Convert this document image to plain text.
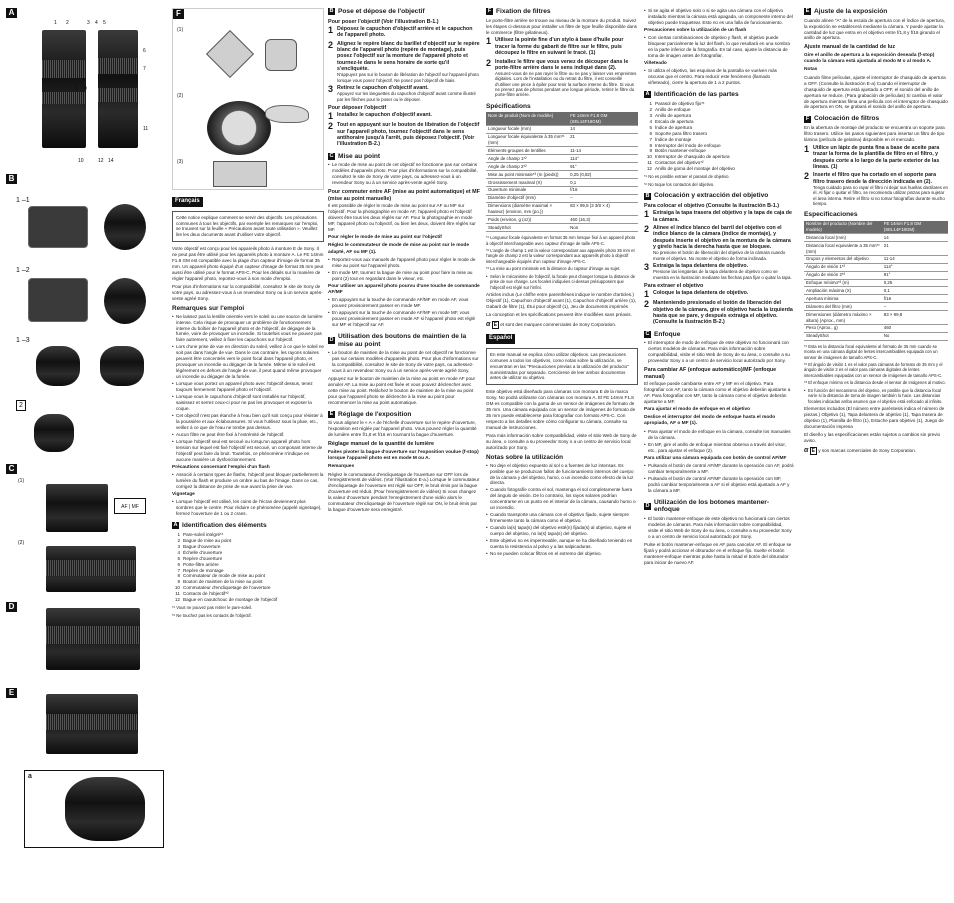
A
1 2	3 4 5
6
7
8 9
11
10	12 14
B
1 –1
1 –2
1 –3
2
C
(1)
AF | MF
(2)
D
E
a
F
(1)
(2)
(3)
Français
Cette notice explique comment se servir des objectifs. Les précautions communes à tous les objectifs, par exemple les remarques sur l'emploi, se trouvent sur la feuille « Précautions avant toute utilisation ». Veuillez lire les deux documents avant d'utiliser votre objectif.

Votre objectif est conçu pour les appareils photo à monture E de Sony. Il ne peut pas être utilisé pour les appareils photo à monture A. Le FE 14mm F1.8 GM est compatible avec la plage d'un capteur d'image de format 35 mm. Un appareil photo équipé d'un capteur d'image de format 35 mm peut aussi être utilisé pour le format APS-C. Pour les détails sur la manière de régler l'appareil photo, reportez-vous à son mode d'emploi.

Pour plus d'informations sur la compatibilité, consultez le site de Sony de votre pays, ou adressez-vous à un revendeur Sony ou à un service après-vente agréé Sony.

Remarques sur l'emploi
• Ne laissez pas la lentille orientée vers le soleil ou une source de lumière intense. Cela risque de provoquer un problème de fonctionnement interne du boîtier de l'appareil photo et de l'objectif, de dégager de la fumée, voire de provoquer un incendie. Si toutefois vous ne pouvez pas faire autrement, veillez à fixer les capuchons sur l'objectif.
• Lors d'une prise de vue en direction du soleil, veillez à ce que le soleil ne soit pas dans l'angle de vue. Dans le cas contraire, les rayons solaires peuvent être concentrés vers le point focal dans l'appareil photo, et provoquer un incendie ou dégager de la fumée. Même si le soleil est légèrement en dehors de l'angle de vue, il peut quand même provoquer un incendie ou dégager de la fumée.
• Lorsque vous portez un appareil photo avec l'objectif dessus, tenez toujours fermement l'appareil photo et l'objectif.
• Lorsque vous le capuchons d'objectif sont installés sur l'objectif, saisissez et serrez ceux-ci pour ne pas les provoquer et exposer la coque.
• Cet objectif n'est pas étanche à l'eau bien qu'il soit conçu pour résister à la poussière et aux éclaboussures. Si vous l'utilisez sous la pluie, etc., veillez à ce que de l'eau ne tombe pas dessus.
• Aucun filtre ne peut être fixé à l'extrémité de l'objectif.
• Lorsque l'objectif seul est secoué ou lorsqu'un appareil photo hors tension sur lequel est fixé l'objectif est secoué, un composant interne de l'objectif peut faire du bruit. Toutefois, ce phénomène n'indique en aucune manière un dysfonctionnement.
Précautions concernant l'emploi d'un flash
• Associé à certains types de flashs, l'objectif peut bloquer partiellement la lumière du flash et produire un ombre au bas de l'image. Dans ce cas, corrigez la distance de prise de vue avant la prise de vue.
Vignetage
• Lorsque l'objectif est utilisé, les coins de l'écran deviennent plus sombres que le centre. Pour réduire ce phénomène (appelé vignetage), fermez l'ouverture de 1 ou 2 crans.
A Identification des éléments
1 Pare-soleil intégré*¹
2 Bague de mise au point
3 Bague d'ouverture
4 Échelle d'ouverture
5 Repère d'ouverture
6 Porte-filtre arrière
7 Repère de montage
8 Commutateur de mode de mise au point
9 Bouton de maintien de la mise au point
10 Commutateur d'encliquetage de l'ouverture
11 Contacts de l'objectif*²
12 Bague en caoutchouc de montage de l'objectif

*¹ Vous ne pouvez pas retirer le pare-soleil.

*² Ne touchez pas les contacts de l'objectif.

B Pose et dépose de l'objectif
Pour poser l'objectif (Voir l'illustration B-1.)
1 Déposez le capuchon d'objectif arrière et le capuchon de l'appareil photo.
2 Alignez le repère blanc du barillet d'objectif sur le repère blanc de l'appareil photo (repère de montage), puis posez l'objectif sur la monture de l'appareil photo et tournez-le dans le sens horaire de sorte qu'il s'encliquète.
N'appuyez pas sur le bouton de libération de l'objectif sur l'appareil photo lorsque vous posez l'objectif. Ne posez pas l'objectif de biais.
3 Retirez le capuchon d'objectif avant.
Appuyez sur les languettes du capuchon d'objectif avant comme illustré par les flèches pour le poser ou le déposer.
Pour déposer l'objectif
1 Installez le capuchon d'objectif avant.
2 Tout en appuyant sur le bouton de libération de l'objectif sur l'appareil photo, tournez l'objectif dans le sens antihoraire jusqu'à l'arrêt, puis déposez l'objectif. (Voir l'illustration B-2.)
C Mise au point
• Le mode de mise au point de cet objectif ne fonctionne pas sur certains modèles d'appareils photo. Pour plus d'informations sur la compatibilité, consultez le site de Sony de votre pays, ou adressez-vous à un revendeur Sony ou à un service après-vente agréé Sony.
Pour commuter entre AF (mise au point automatique) et MF (mise au point manuelle)

Il est possible de régler le mode de mise au point sur AF ou MF sur l'objectif. Pour la photographie en mode AF, l'appareil photo et l'objectif doivent être tous les deux réglés sur AF. Pour la photographie en mode MF, l'appareil photo ou l'objectif, ou bien les deux, doivent être réglés sur MF.

Pour régler le mode de mise au point sur l'objectif
Réglez le commutateur de mode de mise au point sur le mode adapté, AF ou MF (1).
• Reportez-vous aux manuels de l'appareil photo pour régler le mode de mise au point sur l'appareil photo.
• En mode MF, tournez la bague de mise au point pour faire la mise au point (2) tout en regardant dans le viseur, etc.
Pour utiliser un appareil photo pourvu d'une touche de commande AF/MF
• En appuyant sur la touche de commande AF/MF en mode AF, vous pouvez provisoirement passer en mode MF.
• En appuyant sur la touche de commande AF/MF en mode MF, vous pouvez provisoirement passer en mode AF si l'appareil photo est réglé sur MF et l'objectif sur AF.
D
Utilisation des boutons de maintien de la mise au point
• Le bouton de maintien de la mise au point de cet objectif ne fonctionne pas sur certains modèles d'appareils photo. Pour plus d'informations sur la compatibilité, consultez le site de Sony de votre pays, ou adressez-vous à un revendeur Sony ou à un service après-vente agréé Sony.

Appuyez sur le bouton de maintien de la mise au point en mode AF pour annuler AF. La mise au point est fixée et vous pouvez déclencher avec cette mise au point. Relâchez le bouton de maintien de la mise au point pour que l'appareil photo se déclenche à la mise au point pour recommencer la mise au point automatique.

E Réglage de l'exposition

Si vous alignez le « A » de l'échelle d'ouverture sur le repère d'ouverture, l'exposition est réglée par l'appareil photo. Vous pouvez régler la quantité de lumière entre f/1,8 et f/16 en tournant la bague d'ouverture.

Réglage manuel de la quantité de lumière
Faites pivoter la bague d'ouverture sur l'exposition voulue (f-stop) lorsque l'appareil photo est en mode M ou A.
Remarques

Réglez le commutateur d'encliquetage de l'ouverture sur OFF lors de l'enregistrement de vidéos. (Voir l'illustration E-a.) Lorsque le commutateur d'encliquetage de l'ouverture est réglé sur OFF, le bruit émis par la bague d'ouverture est réduit. (Pour l'enregistrement de vidéos) Si vous changez la valeur d'ouverture pendant l'enregistrement d'une vidéo alors le commutateur d'encliquetage de l'ouverture réglé sur ON, le bruit émis par la bague d'ouverture sera enregistré.

F Fixation de filtres

Le porte-filtre arrière se trouve au niveau de la monture du produit. Suivez les étapes ci-dessous pour installer un filtre de type feuille disponible dans le commerce (filtre gélatineux).

1 Utilisez la pointe fine d'un stylo à base d'huile pour tracer la forme du gabarit de filtre sur le filtre, puis découpez le filtre en suivant le tracé. (1)
2 Installez le filtre que vous venez de découper dans le porte-filtre arrière dans le sens indiqué dans (2).
Assurez-vous de ne pas rayer le filtre ou ne pas y laisser vos empreintes digitales. Lors de l'installation ou du retrait du filtre, il est conseillé d'utiliser une pince à épiler pour tenir la surface interne du filtre. Si vous ne prenez pas de photos pendant une longue période, retirez le filtre du porte-filtre arrière.
Spécifications
Nom de produit (Nom de modèle)	FE 14mm F1.8 GM (SEL14F18GM)
Longueur focale (mm)	14
Longueur focale équivalente à 35 mm*¹ (mm)	21
Éléments-groupes de lentilles	11-14
Angle de champ 1*²	114°
Angle de champ 2*²	91°
Mise au point minimale*³ (m (pieds))	0,25 (0,82)
Grossissement maximal (X)	0,1
Ouverture minimale	f/16
Diamètre d'objectif (mm)	–
Dimensions (diamètre maximal × hauteur) (environ, mm (po.))	83 × 99,8 (3 3/8 × 4)
Poids (environ, g (oz))	460 (16,3)
SteadyShot	Non

*¹ Longueur focale équivalente en format 35 mm lorsque fixé à un appareil photo à objectif interchangeable avec capteur d'image de taille APS-C.

*² L'angle de champ 1 est la valeur correspondant aux appareils photo 35 mm et l'angle de champ 2 est la valeur correspondant aux appareils photo à objectif interchangeable équipés d'un capteur d'image APS-C.

*³ La mise au point minimale est la distance du capteur d'image au sujet.

• Selon le mécanisme de l'objectif, la focale peut changer lorsque la distance de prise de vue change. Les focales indiquées ci-dessus présupposent que l'objectif est réglé sur l'infini.

Articles inclus (Le chiffre entre parenthèses indique le nombre d'articles.) Objectif (1), Capuchon d'objectif avant (1), Capuchon d'objectif arrière (1), Gabarit de filtre (1), Étui pour objectif (1), Jeu de documents imprimés

La conception et les spécifications peuvent être modifiées sans préavis.

α E et sont des marques commerciales de Sony Corporation.

Español
En este manual se explica cómo utilizar objetivos. Las precauciones comunes a todos los objetivos, como notas sobre la utilización, se encuentran en las "Precauciones previas a la utilización del producto" suministradas por separado. Cerciórese de leer ambos documentos antes de utilizar su objetivo.

Este objetivo está diseñado para cámaras con montura E de la marca Sony. No podrá utilizarse con cámaras con montura A. El FE 14mm F1.8 GM es compatible con la gama de un sensor de imágenes de formato de 35 mm. Una cámara equipada con un sensor de imágenes de formato de 35 mm puede establecerse para fotografiar con formato APS-C. Con respecto a los detalles sobre cómo configurar su cámara, consulte su manual de instrucciones.

Para más información sobre compatibilidad, visite el sitio Web de Sony de su área, o consulte a su proveedor Sony o a un centro de servicio local autorizado por Sony.

Notas sobre la utilización
• No deje el objetivo expuesto al sol o a fuentes de luz intensas. Es posible que se produzcan fallos de funcionamiento internos del cuerpo de la cámara y del objetivo, humo, o un incendio como efecto de la luz directa.
• Cuando fotografíe contra el sol, mantenga el sol completamente fuera del ángulo de visión. De lo contrario, los rayos solares podrían concentrarse en un punto en el interior de la cámara, causando humo o un incendio.
• Cuando transporte una cámara con el objetivo fijado, sujete siempre firmemente tanto la cámara como el objetivo.
• Cuando la(s) tapa(s) del objetivo esté(n) fijada(s) al objetivo, sujete el cuerpo del objetivo, no la(s) tapa(s) del objetivo.
• Este objetivo no es impermeable, aunque se ha diseñado teniendo en cuenta la resistencia al polvo y a las salpicaduras.
• No se pueden colocar filtros en el extremo del objetivo.
• Si se agita el objetivo solo o si se agita una cámara con el objetivo instalado mientras la cámara está apagada, un componente interno del objetivo puede traquetear. Esto no es una falla de funcionamiento.
Precauciones sobre la utilización de un flash
• Con ciertas combinaciones de objetivo y flash, el objetivo puede bloquear parcialmente la luz del flash, lo que resultará en una sombra en la parte inferior de la fotografía. En tal caso, ajuste la distancia de toma de imagen antes de fotografiar.
Viñeteado
• Si utiliza el objetivo, las esquinas de la pantalla se vuelven más oscuras que el centro. Para reducir este fenómeno (llamado viñeteado), cierre la apertura de 1 a 2 puntos.
A Identificación de las partes
1 Parasol de objetivo fijo*¹
2 Anillo de enfoque
3 Anillo de apertura
4 Escala de apertura
5 Índice de apertura
6 Soporte para filtro trasero
7 Índice de montaje
8 Interruptor del modo de enfoque
9 Botón mantener-enfoque
10 Interruptor de chasquido de apertura
11 Contactos del objetivo*²
12 Anillo de goma del montaje del objetivo

*¹ No es posible extraer el parasol de objetivo.

*² No toque los contactos del objetivo.

B Colocación y extracción del objetivo
Para colocar el objetivo (Consulte la ilustración B-1.)
1 Extraiga la tapa trasera del objetivo y la tapa de caja de la cámara.
2 Alinee el índice blanco del barril del objetivo con el índice blanco de la cámara (índice de montaje), y después inserte el objetivo en la montura de la cámara y gírelo hacia la derecha hasta que se bloquee.
No presione el botón de liberación del objetivo de la cámara cuando monte el objetivo. No monte el objetivo de forma inclinada.
3 Extraiga la tapa delantera de objetivo.
Presione las lengüetas de la tapa delantera de objetivo como se muestra en la ilustración mediante las flechas para fijar o quitar la tapa.
Para extraer el objetivo
1 Coloque la tapa delantera de objetivo.
2 Manteniendo presionado el botón de liberación del objetivo de la cámara, gire el objetivo hacia la izquierda hasta que se pare, y después extraiga el objetivo. (Consulte la ilustración B-2.)
C Enfoque
• El interruptor de modo de enfoque de este objetivo no funcionará con ciertos modelos de cámaras. Para más información sobre compatibilidad, visite el sitio Web de Sony de su área, o consulte a su proveedor Sony o a un centro de servicio local autorizado por Sony.
Para cambiar AF (enfoque automático)/MF (enfoque manual)

El enfoque puede cambiarse entre AF y MF en el objetivo. Para fotografiar con AF, tanto la cámara como el objetivo deberán ajustarse a AF. Para fotografiar con MF, tanto la cámara como el objetivo deberán ajustarse a MF.

Para ajustar el modo de enfoque en el objetivo
Deslice el interruptor del modo de enfoque hasta el modo apropiado, AF o MF (1).
• Para ajustar el modo de enfoque en la cámara, consulte los manuales de la cámara.
• En MF, gire el anillo de enfoque mientras observa a través del visor, etc., para ajustar el enfoque (2).
Para utilizar una cámara equipada con botón de control AF/MF
• Pulsando el botón de control AF/MF durante la operación con AF, podrá cambiar temporalmente a MF.
• Pulsando el botón de control AF/MF durante la operación con MF, podrá cambiar temporalmente a AF si el objetivo está ajustado a AF y la cámara a MF.
D
Utilización de los botones mantener-enfoque
• El botón mantener-enfoque de este objetivo no funcionará con ciertos modelos de cámaras. Para más información sobre compatibilidad, visite el sitio Web de Sony de su área, o consulte a su proveedor Sony o a un centro de servicio local autorizado por Sony.

Pulse el botón mantener-enfoque en AF para cancelar AF. El enfoque se fijará y podrá accionar el obturador en el enfoque fijo. Suelte el botón mantener-enfoque mientras pulse hasta la mitad el botón del obturador para iniciar de nuevo AF.

E Ajuste de la exposición

Cuando alinee "A" de la escala de apertura con el índice de apertura, la exposición se establecerá mediante la cámara. Y puede ajustar la cantidad de luz que entra en el objetivo entre f/1,8 y f/16 girando el anillo de apertura.

Ajuste manual de la cantidad de luz
Gire el anillo de apertura a la exposición deseada (f-stop) cuando la cámara está ajustada al modo M o al modo A.
Notas

Cuando filme películas, ajuste el interruptor de chasquido de apertura a OFF. (Consulte la ilustración E-a) Cuando el interruptor de chasquido de apertura está ajustado a OFF, el sonido del anillo de apertura se reduce. (Para grabación de películas) Si cambia el valor de apertura mientras filma una película con el interruptor de chasquido de apertura en ON, se grabará el sonido del anillo de apertura.

F Colocación de filtros

En la abertura de montaje del producto se encuentra un soporte para filtro trasero. Utilice los pasos siguientes para insertar un filtro de tipo lámina (película de gelatina) disponible en el mercado.

1 Utilice un lápiz de punta fina a base de aceite para trazar la forma de la plantilla de filtro en el filtro, y después corte a lo largo de la parte exterior de las líneas. (1)
2 Inserte el filtro que ha cortado en el soporte para filtro trasero desde la dirección indicada en (2).
Tenga cuidado para no rayar el filtro ni dejar sus huellas dactilares en él. Al fijar o quitar el filtro, se recomienda utilizar pinzas para sujetar el área interna. Retire el filtro si no tomar fotografías durante mucho tiempo.
Especificaciones
Nombre del producto (Nombre del modelo)	FE 14mm F1.8 GM (SEL14F18GM)
Distancia focal (mm)	14
Distancia focal equivalente a 35 mm*¹ (mm)	21
Grupos y elementos del objetivo	11-14
Ángulo de visión 1*²	114°
Ángulo de visión 2*²	91°
Enfoque mínimo*³ (m)	0,25
Ampliación máxima (X)	0,1
Apertura mínima	f/16
Diámetro del filtro (mm)	–
Dimensiones (diámetro máximo × altura) (Aprox., mm)	83 × 99,8
Peso (Aprox., g)	460
SteadyShot	No

*¹ Esta es la distancia focal equivalente al formato de 35 mm cuando se monta en una cámara digital de lentes intercambiables equipada con un sensor de imágenes de tamaño APS-C.

*² El ángulo de visión 1 es el valor para cámaras de formato de 35 mm y el ángulo de visión 2 es el valor para cámaras digitales de lentes intercambiables equipadas con un sensor de imágenes de tamaño APS-C.

*³ El enfoque mínimo es la distancia desde el sensor de imágenes al motivo.

• En función del mecanismo del objetivo, es posible que la distancia focal varíe si la distancia de toma de imagen también lo hace. Las distancias focales indicadas arriba asumen que el objetivo está enfocado al infinito.

Elementos incluidos (El número entre paréntesis indica el número de piezas.) Objetivo (1), Tapa delantera de objetivo (1), Tapa trasera de objetivo (1), Plantilla de filtro (1), Estuche para objetivo (1), Juego de documentación impresa

El diseño y las especificaciones están sujetos a cambios sin previo aviso.

α E y son marcas comerciales de Sony Corporation.
